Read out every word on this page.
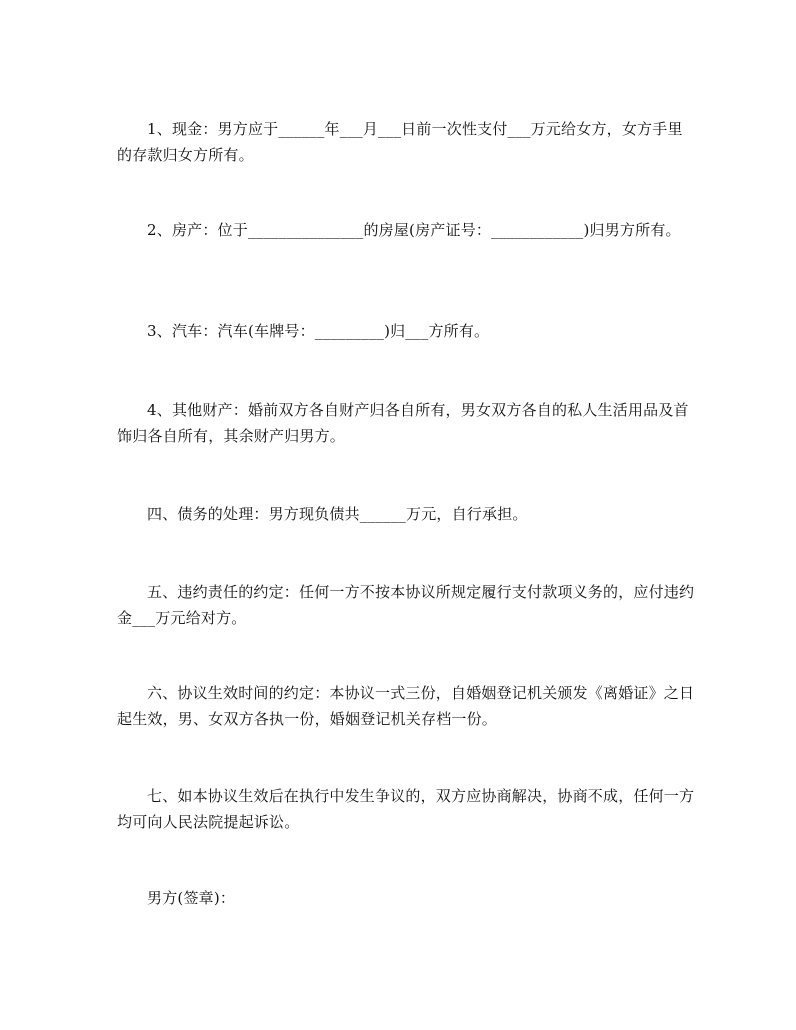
1、现金：男方应于______年___月___日前一次性支付___万元给女方，女方手里的存款归女方所有。

2、房产：位于_______________的房屋(房产证号：____________)归男方所有。

3、汽车：汽车(车牌号：_________)归___方所有。

4、其他财产：婚前双方各自财产归各自所有，男女双方各自的私人生活用品及首饰归各自所有，其余财产归男方。

四、债务的处理：男方现负债共______万元，自行承担。

五、违约责任的约定：任何一方不按本协议所规定履行支付款项义务的，应付违约金___万元给对方。

六、协议生效时间的约定：本协议一式三份，自婚姻登记机关颁发《离婚证》之日起生效，男、女双方各执一份，婚姻登记机关存档一份。

七、如本协议生效后在执行中发生争议的，双方应协商解决，协商不成，任何一方均可向人民法院提起诉讼。

男方(签章)：
